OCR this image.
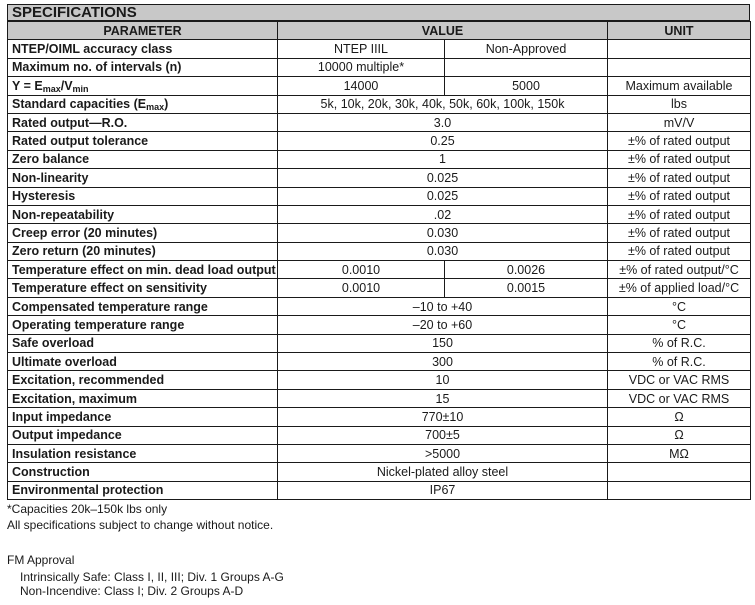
SPECIFICATIONS
PARAMETER	VALUE		UNIT
NTEP/OIML accuracy class	NTEP IIIL	Non-Approved	
Maximum no. of intervals (n)	10000 multiple*		
$Y = E_{max}/V_{min}$	14000	5000	Maximum available
Standard capacities $(E_{max})$	5k, 10k, 20k, 30k, 40k, 50k, 60k, 100k, 150k		lbs
Rated output—R.O.	3.0		mV/V
Rated output tolerance	0.25		±% of rated output
Zero balance	1		±% of rated output
Non-linearity	0.025		±% of rated output
Hysteresis	0.025		±% of rated output
Non-repeatability	.02		±% of rated output
Creep error (20 minutes)	0.030		±% of rated output
Zero return (20 minutes)	0.030		±% of rated output
Temperature effect on min. dead load output	0.0010	0.0026	±% of rated output/°C
Temperature effect on sensitivity	0.0010	0.0015	±% of applied load/°C
Compensated temperature range	–10 to +40		°C
Operating temperature range	–20 to +60		°C
Safe overload	150		% of R.C.
Ultimate overload	300		% of R.C.
Excitation, recommended	10		VDC or VAC RMS
Excitation, maximum	15		VDC or VAC RMS
Input impedance	770±10		Ω
Output impedance	700±5		Ω
Insulation resistance	>5000		MΩ
Construction	Nickel-plated alloy steel		
Environmental protection	IP67		
*Capacities 20k–150k lbs only
All specifications subject to change without notice.
FM Approval
Intrinsically Safe: Class I, II, III; Div. 1 Groups A-G
Non-Incendive: Class I; Div. 2 Groups A-D
